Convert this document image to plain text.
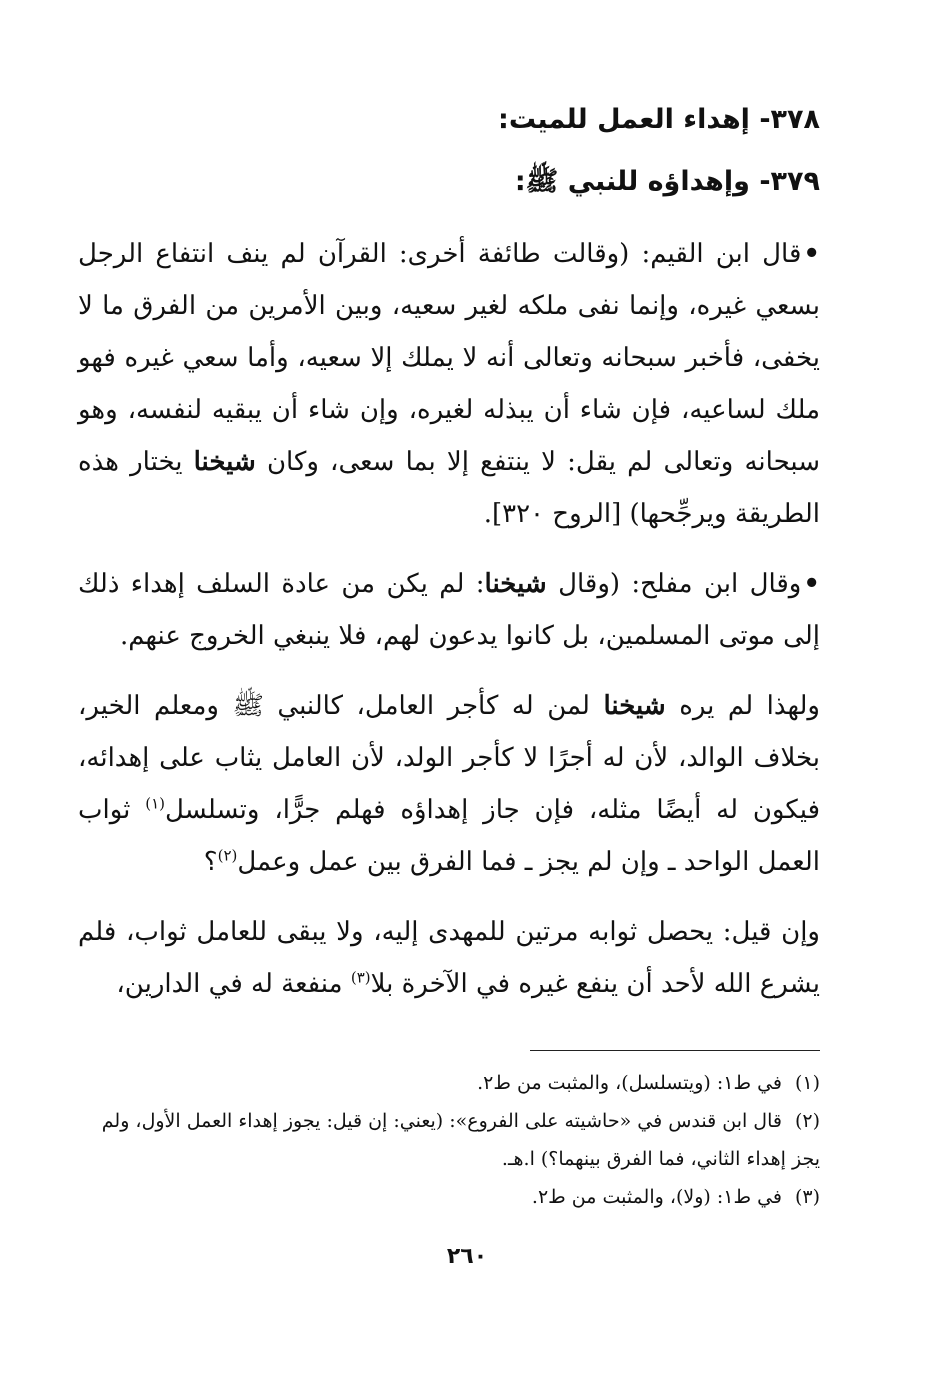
٣٧٨- إهداء العمل للميت:
٣٧٩- وإهداؤه للنبي ﷺ:

•قال ابن القيم: (وقالت طائفة أخرى: القرآن لم ينف انتفاع الرجل بسعي غيره، وإنما نفى ملكه لغير سعيه، وبين الأمرين من الفرق ما لا يخفى، فأخبر سبحانه وتعالى أنه لا يملك إلا سعيه، وأما سعي غيره فهو ملك لساعيه، فإن شاء أن يبذله لغيره، وإن شاء أن يبقيه لنفسه، وهو سبحانه وتعالى لم يقل: لا ينتفع إلا بما سعى، وكان شيخنا يختار هذه الطريقة ويرجِّحها) [الروح ٣٢٠].

•وقال ابن مفلح: (وقال شيخنا: لم يكن من عادة السلف إهداء ذلك إلى موتى المسلمين، بل كانوا يدعون لهم، فلا ينبغي الخروج عنهم.

ولهذا لم يره شيخنا لمن له كأجر العامل، كالنبي ﷺ ومعلم الخير، بخلاف الوالد، لأن له أجرًا لا كأجر الولد، لأن العامل يثاب على إهدائه، فيكون له أيضًا مثله، فإن جاز إهداؤه فهلم جرًّا، وتسلسل$^{(١)}$ ثواب العمل الواحد ـ وإن لم يجز ـ فما الفرق بين عمل وعمل$^{(٢)}$؟

وإن قيل: يحصل ثوابه مرتين للمهدى إليه، ولا يبقى للعامل ثواب، فلم يشرع الله لأحد أن ينفع غيره في الآخرة بلا$^{(٣)}$ منفعة له في الدارين،

(١)في ط١: (ويتسلسل)، والمثبت من ط٢.

(٢)قال ابن قندس في «حاشيته على الفروع»: (يعني: إن قيل: يجوز إهداء العمل الأول، ولم يجز إهداء الثاني، فما الفرق بينهما؟) ا.هـ.

(٣)في ط١: (ولا)، والمثبت من ط٢.

٢٦٠
